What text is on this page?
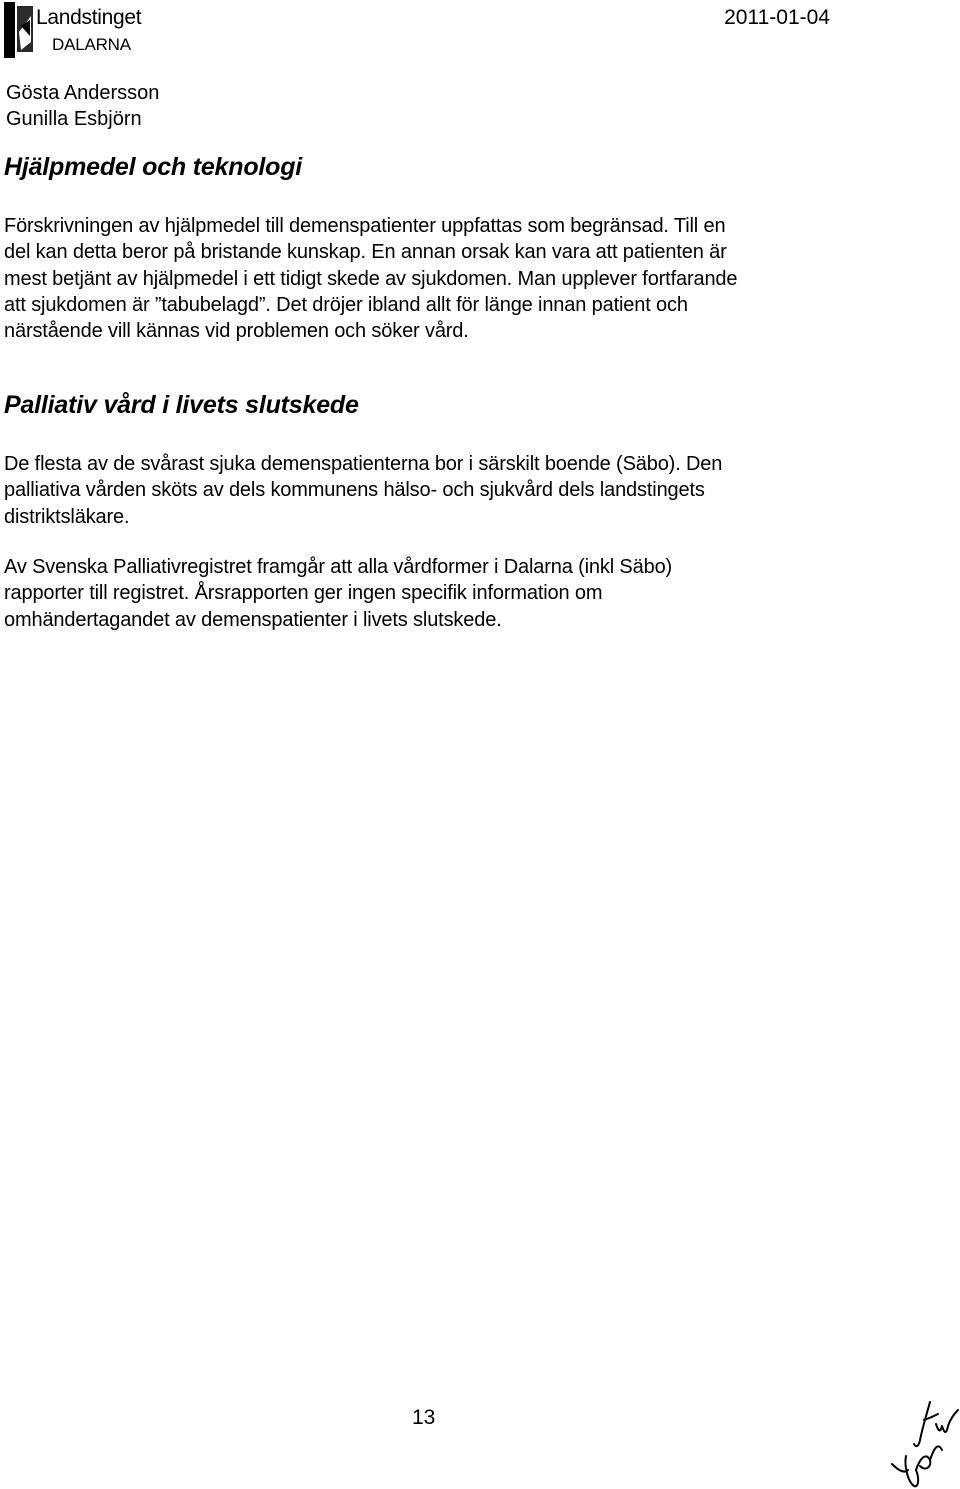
Landstinget
DALARNA
2011-01-04
Gösta Andersson
Gunilla Esbjörn
Hjälpmedel och teknologi
Förskrivningen av hjälpmedel till demenspatienter uppfattas som begränsad. Till en
del kan detta beror på bristande kunskap. En annan orsak kan vara att patienten är
mest betjänt av hjälpmedel i ett tidigt skede av sjukdomen. Man upplever fortfarande
att sjukdomen är ”tabubelagd”. Det dröjer ibland allt för länge innan patient och
närstående vill kännas vid problemen och söker vård.
Palliativ vård i livets slutskede
De flesta av de svårast sjuka demenspatienterna bor i särskilt boende (Säbo). Den
palliativa vården sköts av dels kommunens hälso- och sjukvård dels landstingets
distriktsläkare.
Av Svenska Palliativregistret framgår att alla vårdformer i Dalarna (inkl Säbo)
rapporter till registret. Årsrapporten ger ingen specifik information om
omhändertagandet av demenspatienter i livets slutskede.
13
